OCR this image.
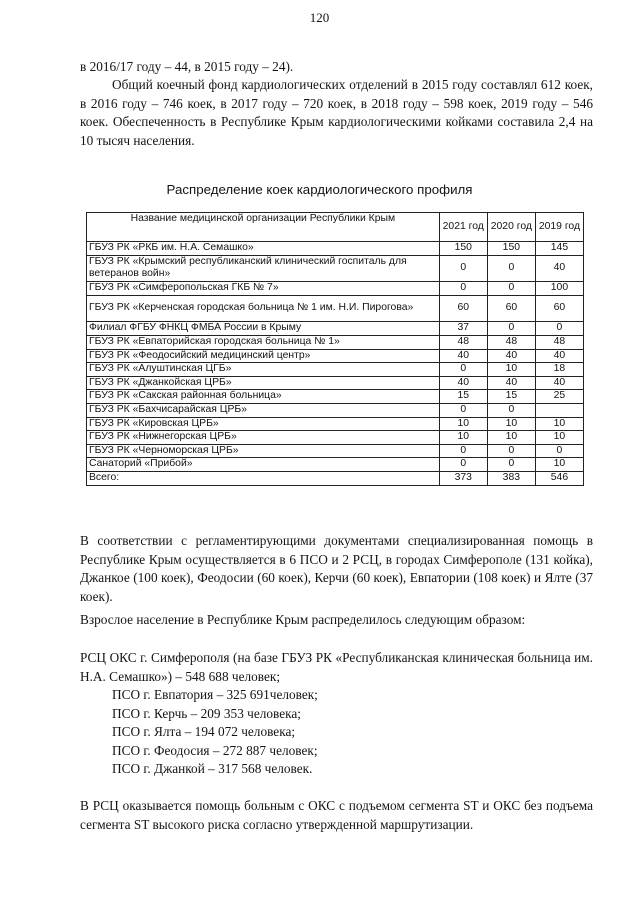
120

в 2016/17 году – 44, в 2015 году – 24).

Общий коечный фонд кардиологических отделений в 2015 году составлял 612 коек, в 2016 году – 746 коек, в 2017 году – 720 коек, в 2018 году – 598 коек, 2019 году – 546 коек. Обеспеченность в Республике Крым кардиологическими койками составила 2,4 на 10 тысяч населения.

Распределение коек кардиологического профиля
Название медицинской организации Республики Крым	2021 год	2020 год	2019 год
ГБУЗ РК «РКБ им. Н.А. Семашко»	150	150	145
ГБУЗ РК «Крымский республиканский клинический госпиталь для ветеранов войн»	0	0	40
ГБУЗ РК «Симферопольская ГКБ № 7»	0	0	100
ГБУЗ РК «Керченская городская больница № 1 им. Н.И. Пирогова»	60	60	60
Филиал ФГБУ ФНКЦ ФМБА России в Крыму	37	0	0
ГБУЗ РК «Евпаторийская городская больница № 1»	48	48	48
ГБУЗ РК «Феодосийский медицинский центр»	40	40	40
ГБУЗ РК «Алуштинская ЦГБ»	0	10	18
ГБУЗ РК «Джанкойская ЦРБ»	40	40	40
ГБУЗ РК «Сакская районная больница»	15	15	25
ГБУЗ РК «Бахчисарайская ЦРБ»	0	0	
ГБУЗ РК «Кировская ЦРБ»	10	10	10
ГБУЗ РК «Нижнегорская ЦРБ»	10	10	10
ГБУЗ РК «Черноморская ЦРБ»	0	0	0
Санаторий «Прибой»	0	0	10
Всего:	373	383	546

В соответствии с регламентирующими документами специализированная помощь в Республике Крым осуществляется в 6 ПСО и 2 РСЦ, в городах Симферополе (131 койка), Джанкое (100 коек), Феодосии (60 коек), Керчи (60 коек), Евпатории (108 коек) и Ялте (37 коек).

Взрослое население в Республике Крым распределилось следующим образом:

РСЦ ОКС г. Симферополя (на базе ГБУЗ РК «Республиканская клиническая больница им. Н.А. Семашко») – 548 688 человек;

ПСО г. Евпатория – 325 691человек;

ПСО г. Керчь – 209 353 человека;

ПСО г. Ялта – 194 072 человека;

ПСО г. Феодосия – 272 887 человек;

ПСО г. Джанкой – 317 568 человек.

В РСЦ оказывается помощь больным с ОКС с подъемом сегмента ST и ОКС без подъема сегмента ST высокого риска согласно утвержденной маршрутизации.
